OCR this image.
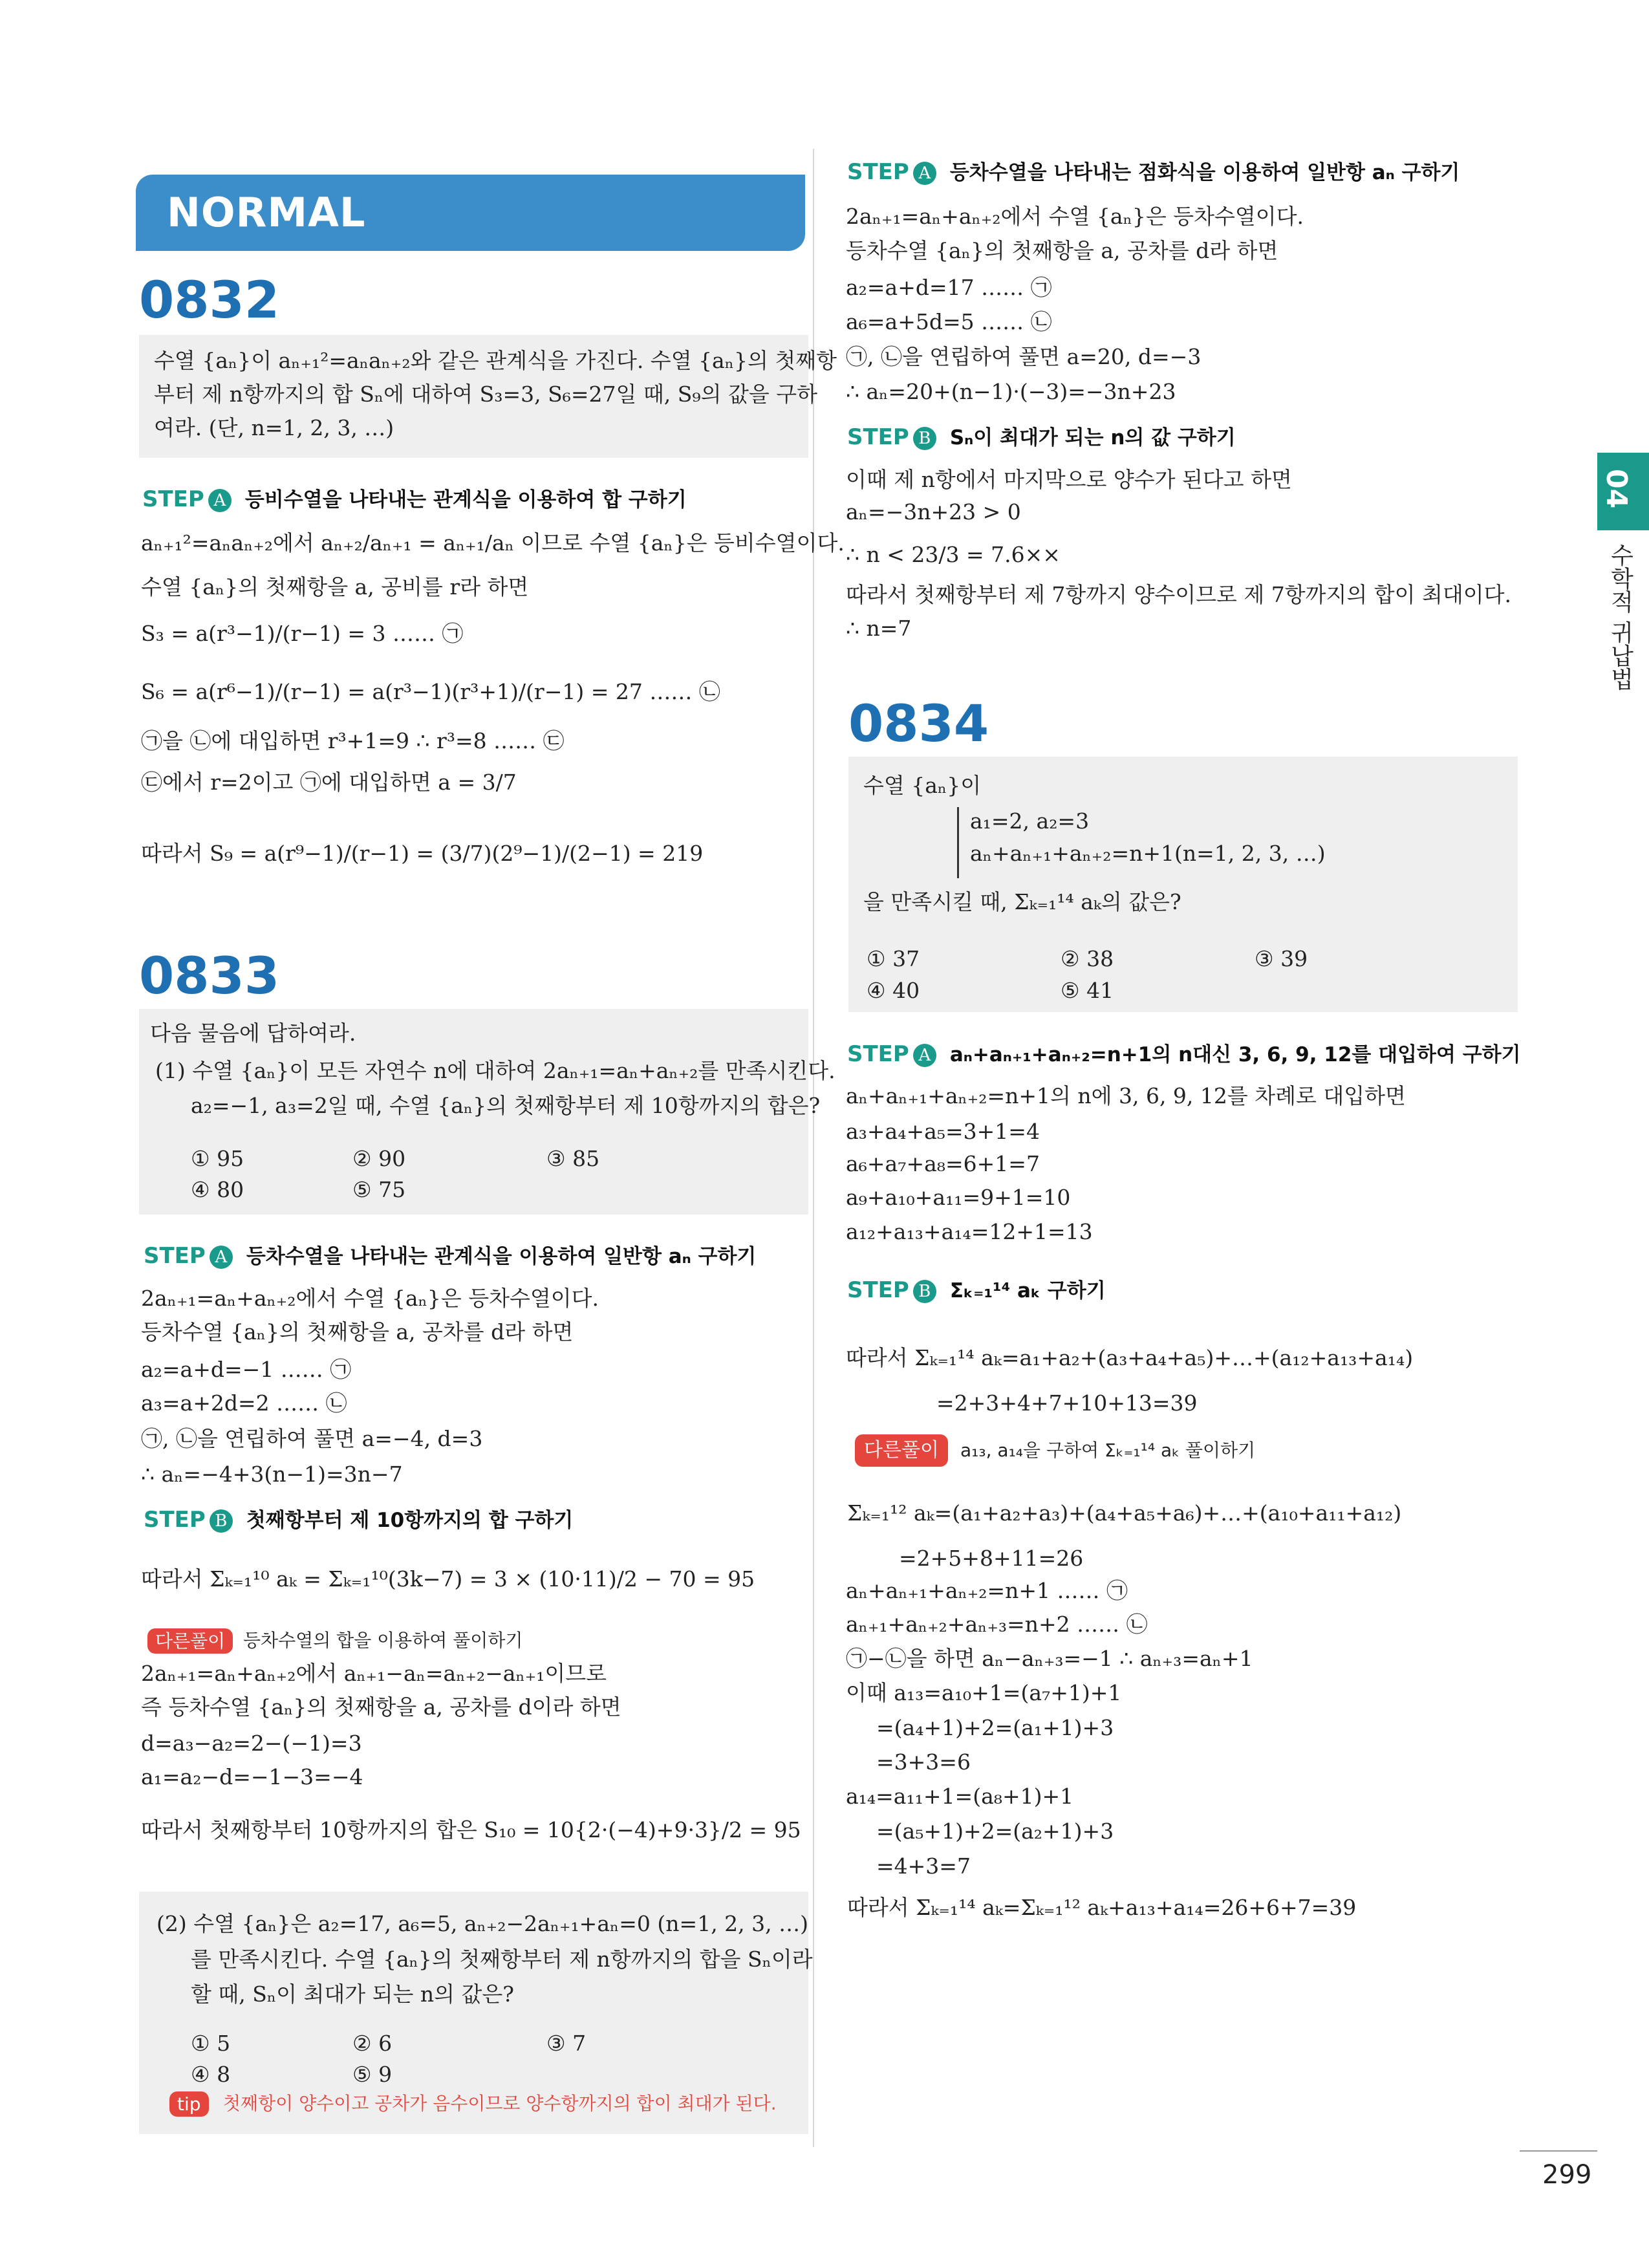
NORMAL
0832
수열 {aₙ}이 aₙ₊₁²=aₙaₙ₊₂와 같은 관계식을 가진다. 수열 {aₙ}의 첫째항
부터 제 n항까지의 합 Sₙ에 대하여 S₃=3, S₆=27일 때, S₉의 값을 구하
여라. (단, n=1, 2, 3, …)
STEP A 등비수열을 나타내는 관계식을 이용하여 합 구하기
aₙ₊₁²=aₙaₙ₊₂에서 aₙ₊₂/aₙ₊₁ = aₙ₊₁/aₙ 이므로 수열 {aₙ}은 등비수열이다.
수열 {aₙ}의 첫째항을 a, 공비를 r라 하면
S₃ = a(r³−1)/(r−1) = 3 …… ㉠
S₆ = a(r⁶−1)/(r−1) = a(r³−1)(r³+1)/(r−1) = 27 …… ㉡
㉠을 ㉡에 대입하면 r³+1=9 ∴ r³=8 …… ㉢
㉢에서 r=2이고 ㉠에 대입하면 a = 3/7
따라서 S₉ = a(r⁹−1)/(r−1) = (3/7)(2⁹−1)/(2−1) = 219
0833
다음 물음에 답하여라.
(1) 수열 {aₙ}이 모든 자연수 n에 대하여 2aₙ₊₁=aₙ+aₙ₊₂를 만족시킨다.
a₂=−1, a₃=2일 때, 수열 {aₙ}의 첫째항부터 제 10항까지의 합은?
① 95	② 90	③ 85
④ 80	⑤ 75
STEP A 등차수열을 나타내는 관계식을 이용하여 일반항 aₙ 구하기
2aₙ₊₁=aₙ+aₙ₊₂에서 수열 {aₙ}은 등차수열이다.
등차수열 {aₙ}의 첫째항을 a, 공차를 d라 하면
a₂=a+d=−1 …… ㉠
a₃=a+2d=2 …… ㉡
㉠, ㉡을 연립하여 풀면 a=−4, d=3
∴ aₙ=−4+3(n−1)=3n−7
STEP B 첫째항부터 제 10항까지의 합 구하기
따라서 Σₖ₌₁¹⁰ aₖ = Σₖ₌₁¹⁰(3k−7) = 3 × (10·11)/2 − 70 = 95
다른풀이 등차수열의 합을 이용하여 풀이하기
2aₙ₊₁=aₙ+aₙ₊₂에서 aₙ₊₁−aₙ=aₙ₊₂−aₙ₊₁이므로
즉 등차수열 {aₙ}의 첫째항을 a, 공차를 d이라 하면
d=a₃−a₂=2−(−1)=3
a₁=a₂−d=−1−3=−4
따라서 첫째항부터 10항까지의 합은 S₁₀ = 10{2·(−4)+9·3}/2 = 95
(2) 수열 {aₙ}은 a₂=17, a₆=5, aₙ₊₂−2aₙ₊₁+aₙ=0 (n=1, 2, 3, …)
를 만족시킨다. 수열 {aₙ}의 첫째항부터 제 n항까지의 합을 Sₙ이라
할 때, Sₙ이 최대가 되는 n의 값은?
① 5	② 6	③ 7
④ 8	⑤ 9
tip	첫째항이 양수이고 공차가 음수이므로 양수항까지의 합이 최대가 된다.
STEP A 등차수열을 나타내는 점화식을 이용하여 일반항 aₙ 구하기
2aₙ₊₁=aₙ+aₙ₊₂에서 수열 {aₙ}은 등차수열이다.
등차수열 {aₙ}의 첫째항을 a, 공차를 d라 하면
a₂=a+d=17 …… ㉠
a₆=a+5d=5 …… ㉡
㉠, ㉡을 연립하여 풀면 a=20, d=−3
∴ aₙ=20+(n−1)·(−3)=−3n+23
STEP B Sₙ이 최대가 되는 n의 값 구하기
이때 제 n항에서 마지막으로 양수가 된다고 하면
aₙ=−3n+23 > 0
∴ n < 23/3 = 7.6××
따라서 첫째항부터 제 7항까지 양수이므로 제 7항까지의 합이 최대이다.
∴ n=7
0834
수열 {aₙ}이
a₁=2, a₂=3
aₙ+aₙ₊₁+aₙ₊₂=n+1(n=1, 2, 3, …)
을 만족시킬 때, Σₖ₌₁¹⁴ aₖ의 값은?
① 37	② 38	③ 39
④ 40	⑤ 41
STEP A aₙ+aₙ₊₁+aₙ₊₂=n+1의 n대신 3, 6, 9, 12를 대입하여 구하기
aₙ+aₙ₊₁+aₙ₊₂=n+1의 n에 3, 6, 9, 12를 차례로 대입하면
a₃+a₄+a₅=3+1=4
a₆+a₇+a₈=6+1=7
a₉+a₁₀+a₁₁=9+1=10
a₁₂+a₁₃+a₁₄=12+1=13
STEP B Σₖ₌₁¹⁴ aₖ 구하기
따라서 Σₖ₌₁¹⁴ aₖ=a₁+a₂+(a₃+a₄+a₅)+…+(a₁₂+a₁₃+a₁₄)
=2+3+4+7+10+13=39
다른풀이	a₁₃, a₁₄을 구하여 Σₖ₌₁¹⁴ aₖ 풀이하기
Σₖ₌₁¹² aₖ=(a₁+a₂+a₃)+(a₄+a₅+a₆)+…+(a₁₀+a₁₁+a₁₂)
=2+5+8+11=26
aₙ+aₙ₊₁+aₙ₊₂=n+1 …… ㉠
aₙ₊₁+aₙ₊₂+aₙ₊₃=n+2 …… ㉡
㉠−㉡을 하면 aₙ−aₙ₊₃=−1 ∴ aₙ₊₃=aₙ+1
이때 a₁₃=a₁₀+1=(a₇+1)+1
=(a₄+1)+2=(a₁+1)+3
=3+3=6
a₁₄=a₁₁+1=(a₈+1)+1
=(a₅+1)+2=(a₂+1)+3
=4+3=7
따라서 Σₖ₌₁¹⁴ aₖ=Σₖ₌₁¹² aₖ+a₁₃+a₁₄=26+6+7=39
04
수학적 귀납법
299
